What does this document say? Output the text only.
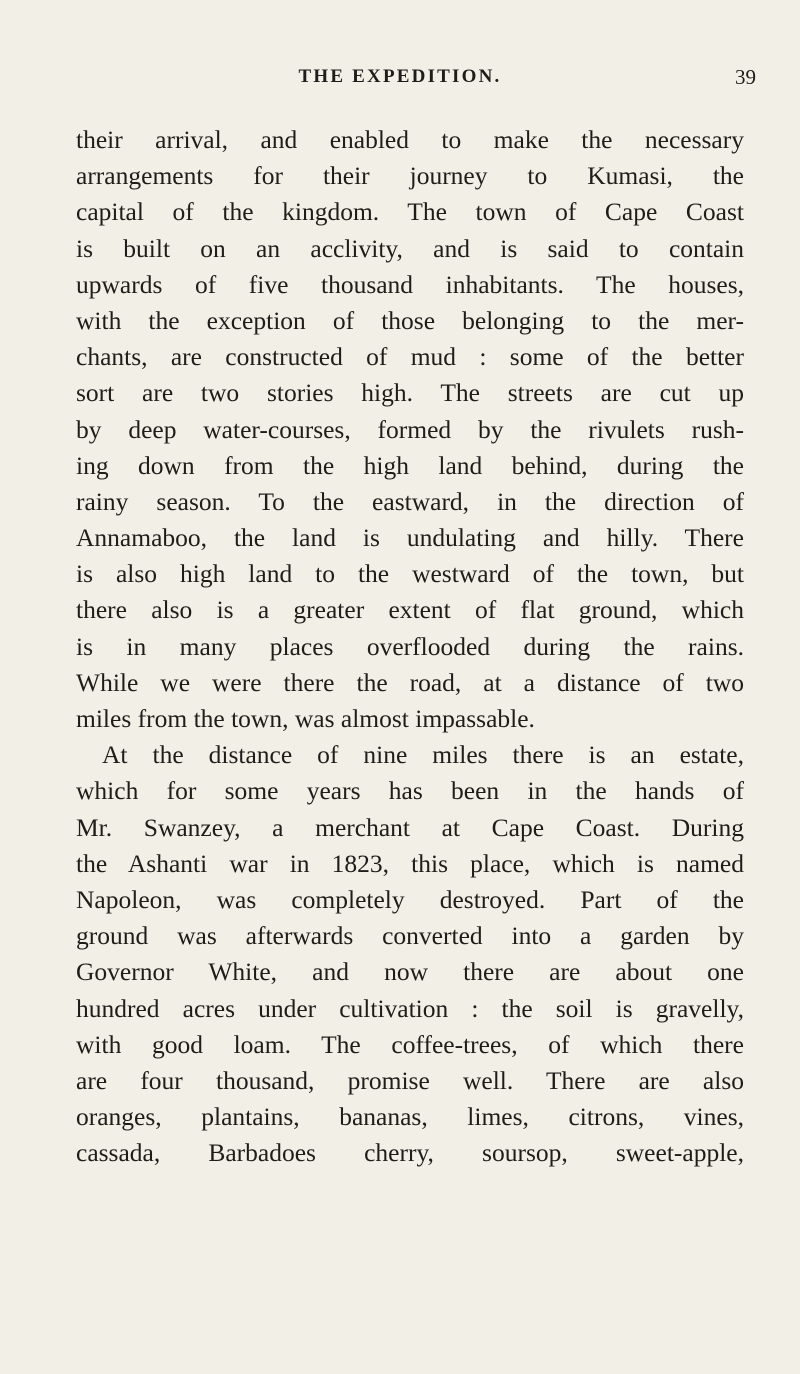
THE EXPEDITION.	39
their arrival, and enabled to make the necessary
arrangements for their journey to Kumasi, the
capital of the kingdom. The town of Cape Coast
is built on an acclivity, and is said to contain
upwards of five thousand inhabitants. The houses,
with the exception of those belonging to the mer-
chants, are constructed of mud : some of the better
sort are two stories high. The streets are cut up
by deep water-courses, formed by the rivulets rush-
ing down from the high land behind, during the
rainy season. To the eastward, in the direction of
Annamaboo, the land is undulating and hilly. There
is also high land to the westward of the town, but
there also is a greater extent of flat ground, which
is in many places overflooded during the rains.
While we were there the road, at a distance of two
miles from the town, was almost impassable.
At the distance of nine miles there is an estate,
which for some years has been in the hands of
Mr. Swanzey, a merchant at Cape Coast. During
the Ashanti war in 1823, this place, which is named
Napoleon, was completely destroyed. Part of the
ground was afterwards converted into a garden by
Governor White, and now there are about one
hundred acres under cultivation : the soil is gravelly,
with good loam. The coffee-trees, of which there
are four thousand, promise well. There are also
oranges, plantains, bananas, limes, citrons, vines,
cassada, Barbadoes cherry, soursop, sweet-apple,
